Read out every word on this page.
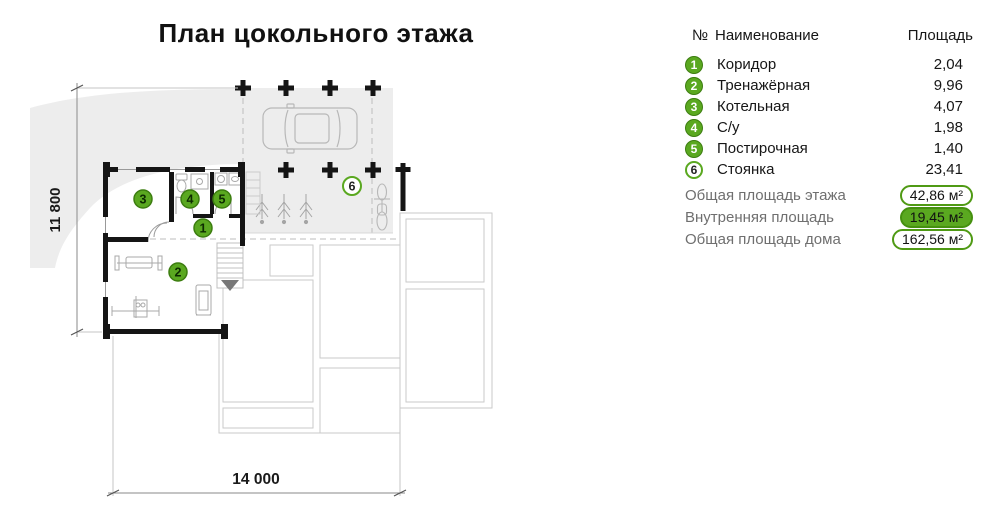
План цокольного этажа
11 800
14 000
1
2
3	4 5
6
№ Наименование	Площадь
1	Коридор	2,04
2	Тренажёрная	9,96
3	Котельная	4,07
4	С/у	1,98
5	Постирочная	1,40
6	Стоянка	23,41
Общая площадь этажа	42,86 м²
Внутренняя площадь	19,45 м²
Общая площадь дома	162,56 м²
